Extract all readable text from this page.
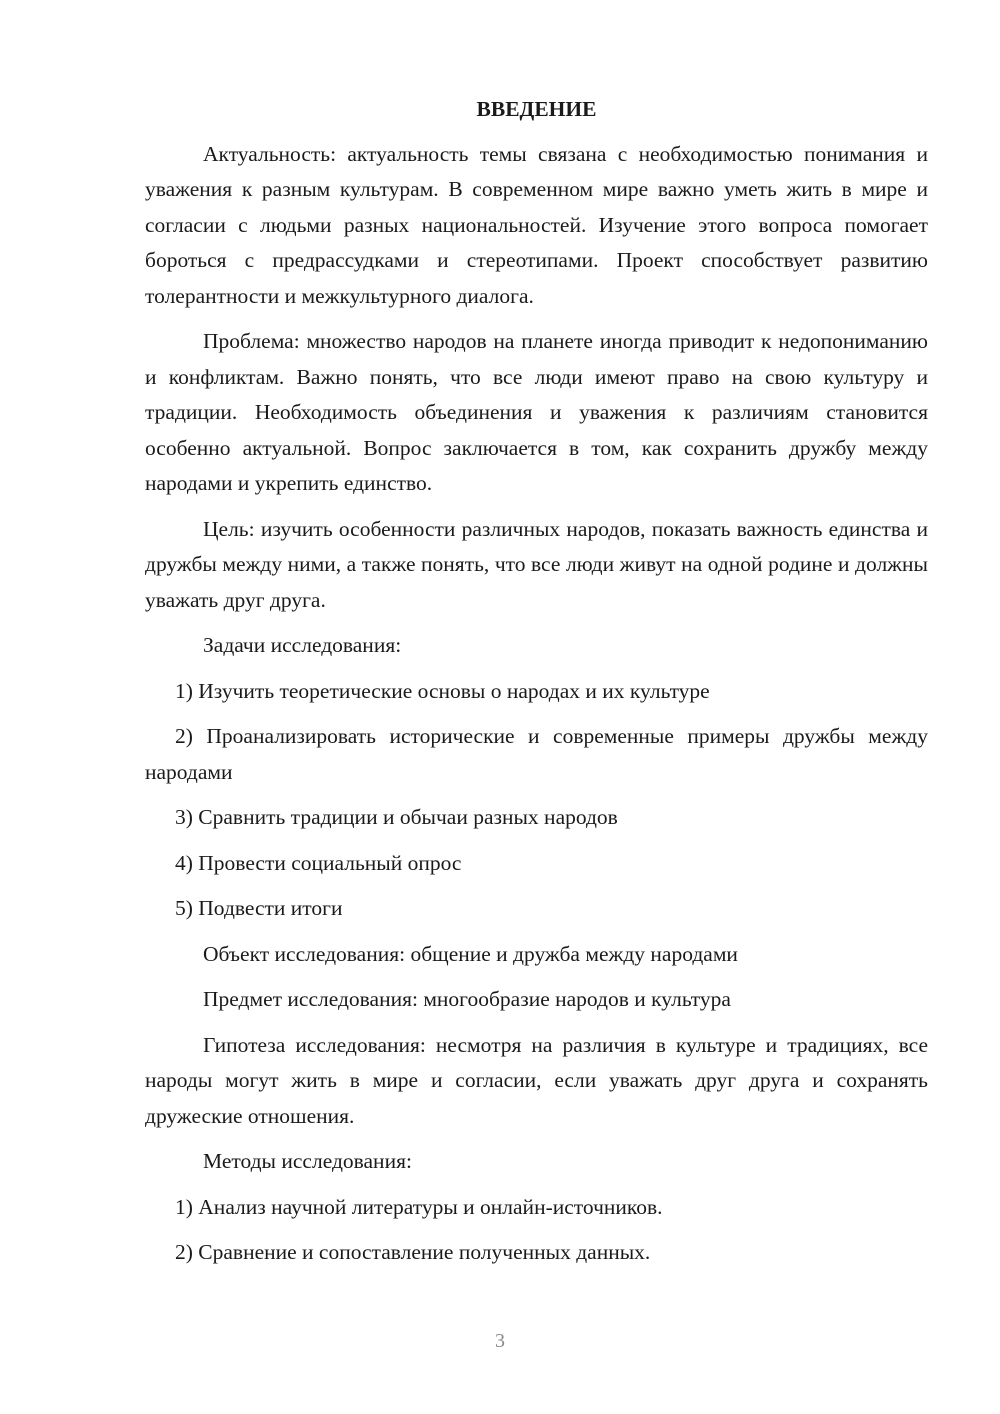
ВВЕДЕНИЕ

Актуальность: актуальность темы связана с необходимостью понимания и уважения к разным культурам. В современном мире важно уметь жить в мире и согласии с людьми разных национальностей. Изучение этого вопроса помогает бороться с предрассудками и стереотипами. Проект способствует развитию толерантности и межкультурного диалога.

Проблема: множество народов на планете иногда приводит к недопониманию и конфликтам. Важно понять, что все люди имеют право на свою культуру и традиции. Необходимость объединения и уважения к различиям становится особенно актуальной. Вопрос заключается в том, как сохранить дружбу между народами и укрепить единство.

Цель: изучить особенности различных народов, показать важность единства и дружбы между ними, а также понять, что все люди живут на одной родине и должны уважать друг друга.

Задачи исследования:

1) Изучить теоретические основы о народах и их культуре

2) Проанализировать исторические и современные примеры дружбы между народами

3) Сравнить традиции и обычаи разных народов

4) Провести социальный опрос

5) Подвести итоги

Объект исследования: общение и дружба между народами

Предмет исследования: многообразие народов и культура

Гипотеза исследования: несмотря на различия в культуре и традициях, все народы могут жить в мире и согласии, если уважать друг друга и сохранять дружеские отношения.

Методы исследования:

1) Анализ научной литературы и онлайн-источников.

2) Сравнение и сопоставление полученных данных.

3
